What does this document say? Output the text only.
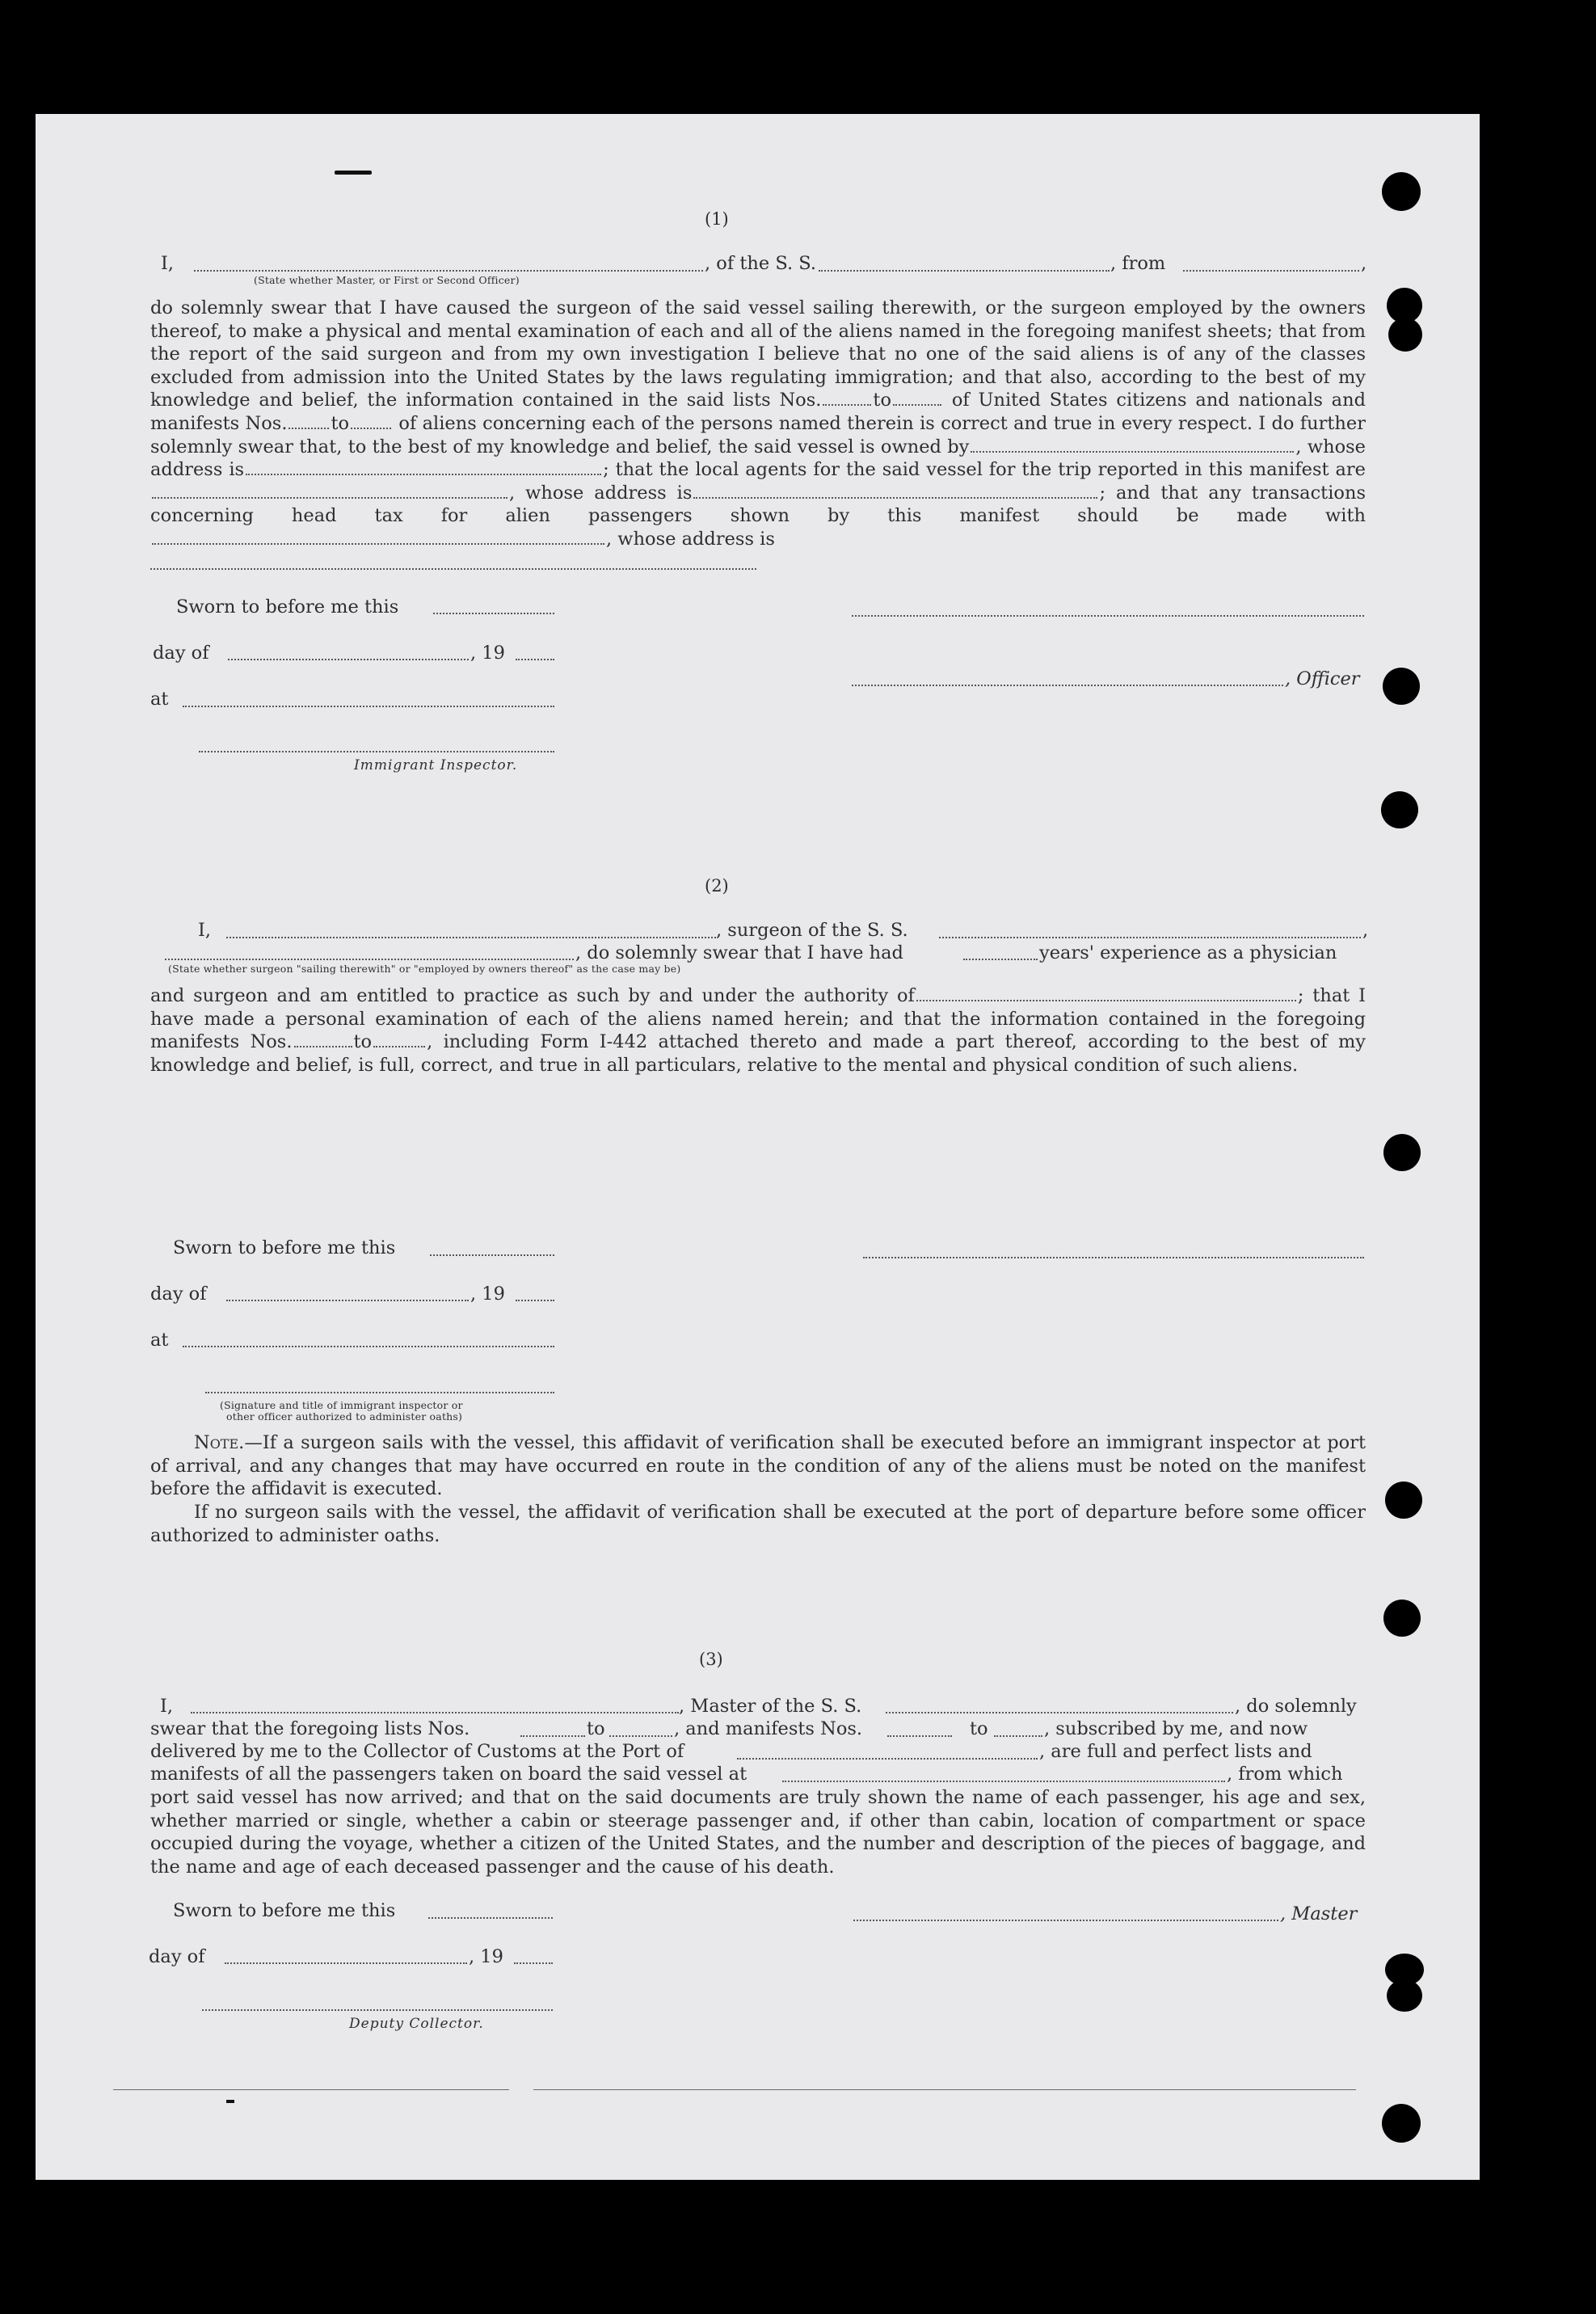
(1)
I,	, of the S. S.	, from	,
(State whether Master, or First or Second Officer)
do solemnly swear that I have caused the surgeon of the said vessel sailing therewith, or the surgeon employed by the owners thereof, to make a physical and mental examination of each and all of the aliens named in the foregoing manifest sheets; that from the report of the said surgeon and from my own investigation I believe that no one of the said aliens is of any of the classes excluded from admission into the United States by the laws regulating immigration; and that also, according to the best of my knowledge and belief, the information contained in the said lists Nos.	to	of United States citizens and nationals and manifests Nos. to	of aliens concerning each of the persons named therein is correct and true in every respect. I do further solemnly swear that, to the best of my knowledge and belief, the said vessel is owned by	, whose address is	; that the local agents for the said vessel for the trip reported in this manifest are, whose address is	; and that any transactions concerning head tax for alien passengers shown by this manifest should be made with, whose address is
Sworn to before me this
day of	, 19
, Officer
at
Immigrant Inspector.
(2)
I,	, surgeon of the S. S.	,
, do solemnly swear that I have had	years' experience as a physician
(State whether surgeon "sailing therewith" or "employed by owners thereof" as the case may be)
and surgeon and am entitled to practice as such by and under the authority of	; that I have made a personal examination of each of the aliens named herein; and that the information contained in the foregoing manifests Nos.	to	, including Form I-442 attached thereto and made a part thereof, according to the best of my knowledge and belief, is full, correct, and true in all particulars, relative to the mental and physical condition of such aliens.
Sworn to before me this
day of	, 19
at
(Signature and title of immigrant inspector or
other officer authorized to administer oaths)
Note.—If a surgeon sails with the vessel, this affidavit of verification shall be executed before an immigrant inspector at port of arrival, and any changes that may have occurred en route in the condition of any of the aliens must be noted on the manifest before the affidavit is executed.
If no surgeon sails with the vessel, the affidavit of verification shall be executed at the port of departure before some officer authorized to administer oaths.
(3)
I,	, Master of the S. S.	, do solemnly
swear that the foregoing lists Nos.	to	, and manifests Nos.	to	, subscribed by me, and now
delivered by me to the Collector of Customs at the Port of	, are full and perfect lists and
manifests of all the passengers taken on board the said vessel at	, from which
port said vessel has now arrived; and that on the said documents are truly shown the name of each passenger, his age and sex, whether married or single, whether a cabin or steerage passenger and, if other than cabin, location of compartment or space occupied during the voyage, whether a citizen of the United States, and the number and description of the pieces of baggage, and the name and age of each deceased passenger and the cause of his death.
Sworn to before me this	, Master
day of	, 19
Deputy Collector.
